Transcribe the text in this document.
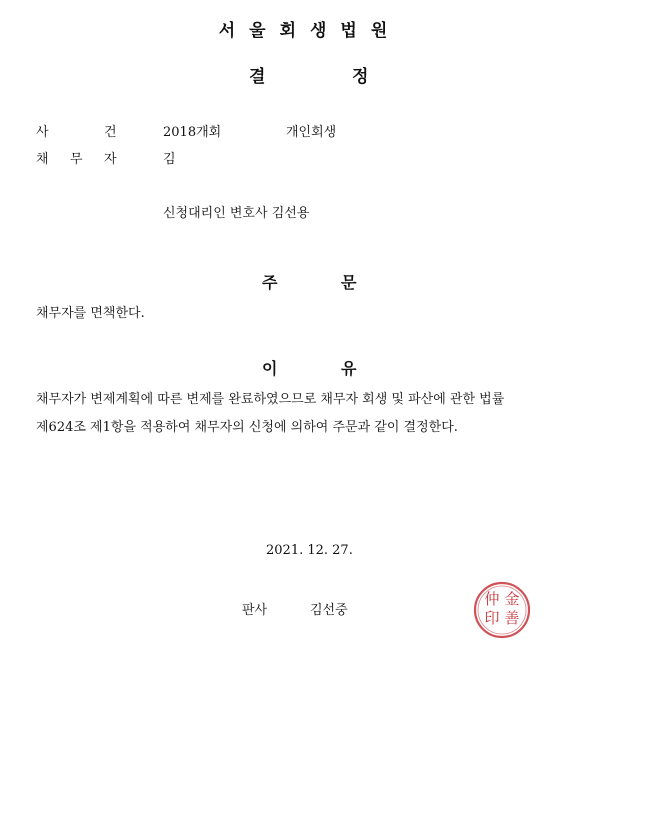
서울회생법원
결	정
사	건	2018개회	개인회생
채 무 자	김
신청대리인 변호사 김선용
주	문
채무자를 면책한다.
이	유
채무자가 변제계획에 따른 변제를 완료하였으므로 채무자 회생 및 파산에 관한 법률
제624조 제1항을 적용하여 채무자의 신청에 의하여 주문과 같이 결정한다.
2021. 12. 27.
판사	김선중
金
善
仲
印
